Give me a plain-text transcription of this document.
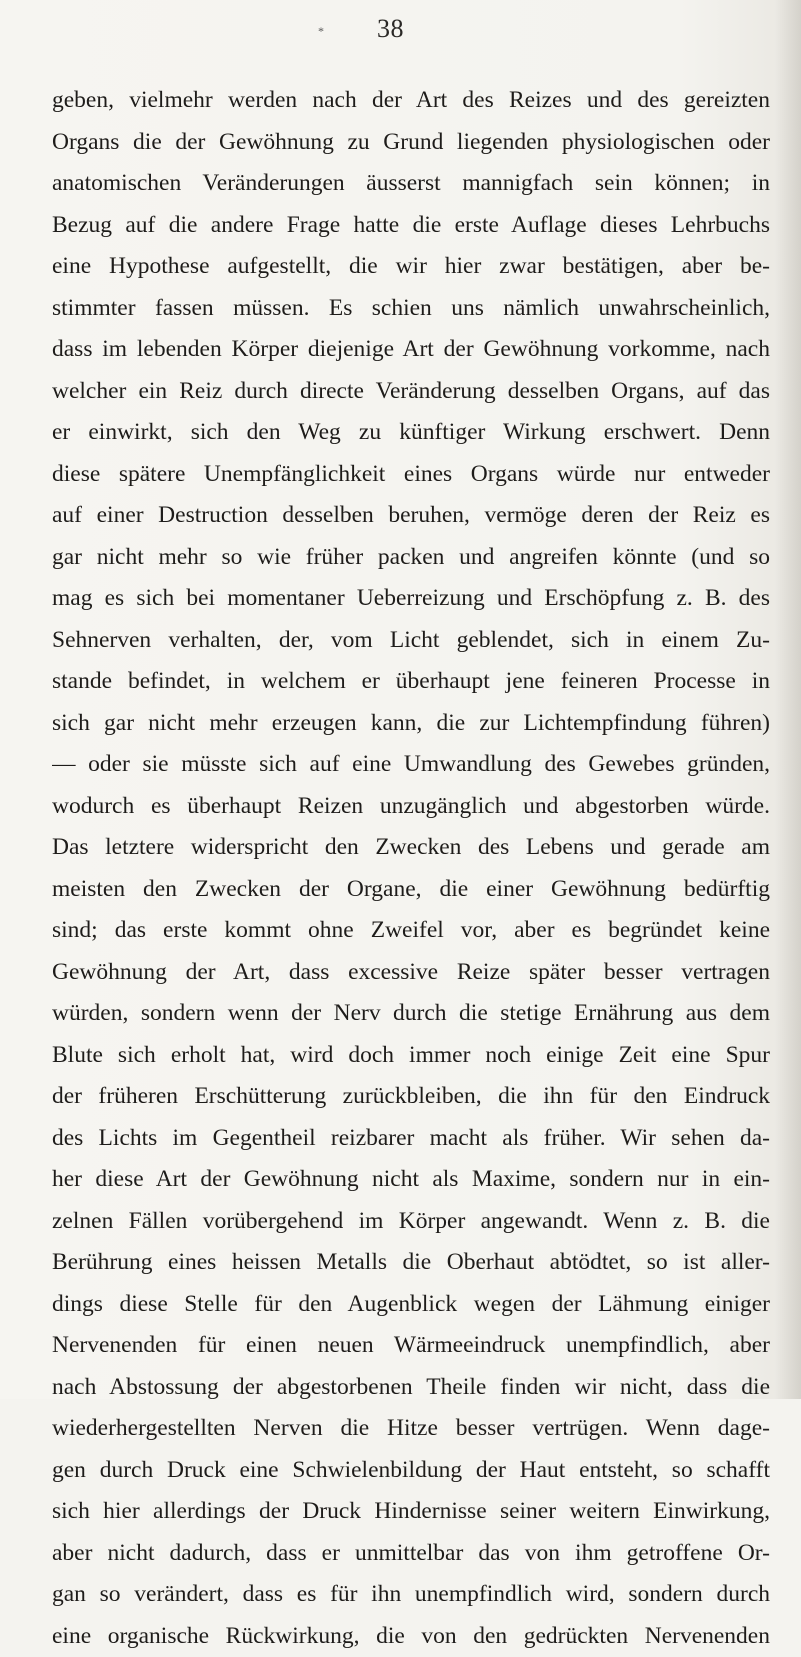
* 38
geben, vielmehr werden nach der Art des Reizes und des gereizten
Organs die der Gewöhnung zu Grund liegenden physiologischen oder
anatomischen Veränderungen äusserst mannigfach sein können; in
Bezug auf die andere Frage hatte die erste Auflage dieses Lehrbuchs
eine Hypothese aufgestellt, die wir hier zwar bestätigen, aber be-
stimmter fassen müssen. Es schien uns nämlich unwahrscheinlich,
dass im lebenden Körper diejenige Art der Gewöhnung vorkomme, nach
welcher ein Reiz durch directe Veränderung desselben Organs, auf das
er einwirkt, sich den Weg zu künftiger Wirkung erschwert. Denn
diese spätere Unempfänglichkeit eines Organs würde nur entweder
auf einer Destruction desselben beruhen, vermöge deren der Reiz es
gar nicht mehr so wie früher packen und angreifen könnte (und so
mag es sich bei momentaner Ueberreizung und Erschöpfung z. B. des
Sehnerven verhalten, der, vom Licht geblendet, sich in einem Zu-
stande befindet, in welchem er überhaupt jene feineren Processe in
sich gar nicht mehr erzeugen kann, die zur Lichtempfindung führen)
— oder sie müsste sich auf eine Umwandlung des Gewebes gründen,
wodurch es überhaupt Reizen unzugänglich und abgestorben würde.
Das letztere widerspricht den Zwecken des Lebens und gerade am
meisten den Zwecken der Organe, die einer Gewöhnung bedürftig
sind; das erste kommt ohne Zweifel vor, aber es begründet keine
Gewöhnung der Art, dass excessive Reize später besser vertragen
würden, sondern wenn der Nerv durch die stetige Ernährung aus dem
Blute sich erholt hat, wird doch immer noch einige Zeit eine Spur
der früheren Erschütterung zurückbleiben, die ihn für den Eindruck
des Lichts im Gegentheil reizbarer macht als früher. Wir sehen da-
her diese Art der Gewöhnung nicht als Maxime, sondern nur in ein-
zelnen Fällen vorübergehend im Körper angewandt. Wenn z. B. die
Berührung eines heissen Metalls die Oberhaut abtödtet, so ist aller-
dings diese Stelle für den Augenblick wegen der Lähmung einiger
Nervenenden für einen neuen Wärmeeindruck unempfindlich, aber
nach Abstossung der abgestorbenen Theile finden wir nicht, dass die
wiederhergestellten Nerven die Hitze besser vertrügen. Wenn dage-
gen durch Druck eine Schwielenbildung der Haut entsteht, so schafft
sich hier allerdings der Druck Hindernisse seiner weitern Einwirkung,
aber nicht dadurch, dass er unmittelbar das von ihm getroffene Or-
gan so verändert, dass es für ihn unempfindlich wird, sondern durch
eine organische Rückwirkung, die von den gedrückten Nervenenden
